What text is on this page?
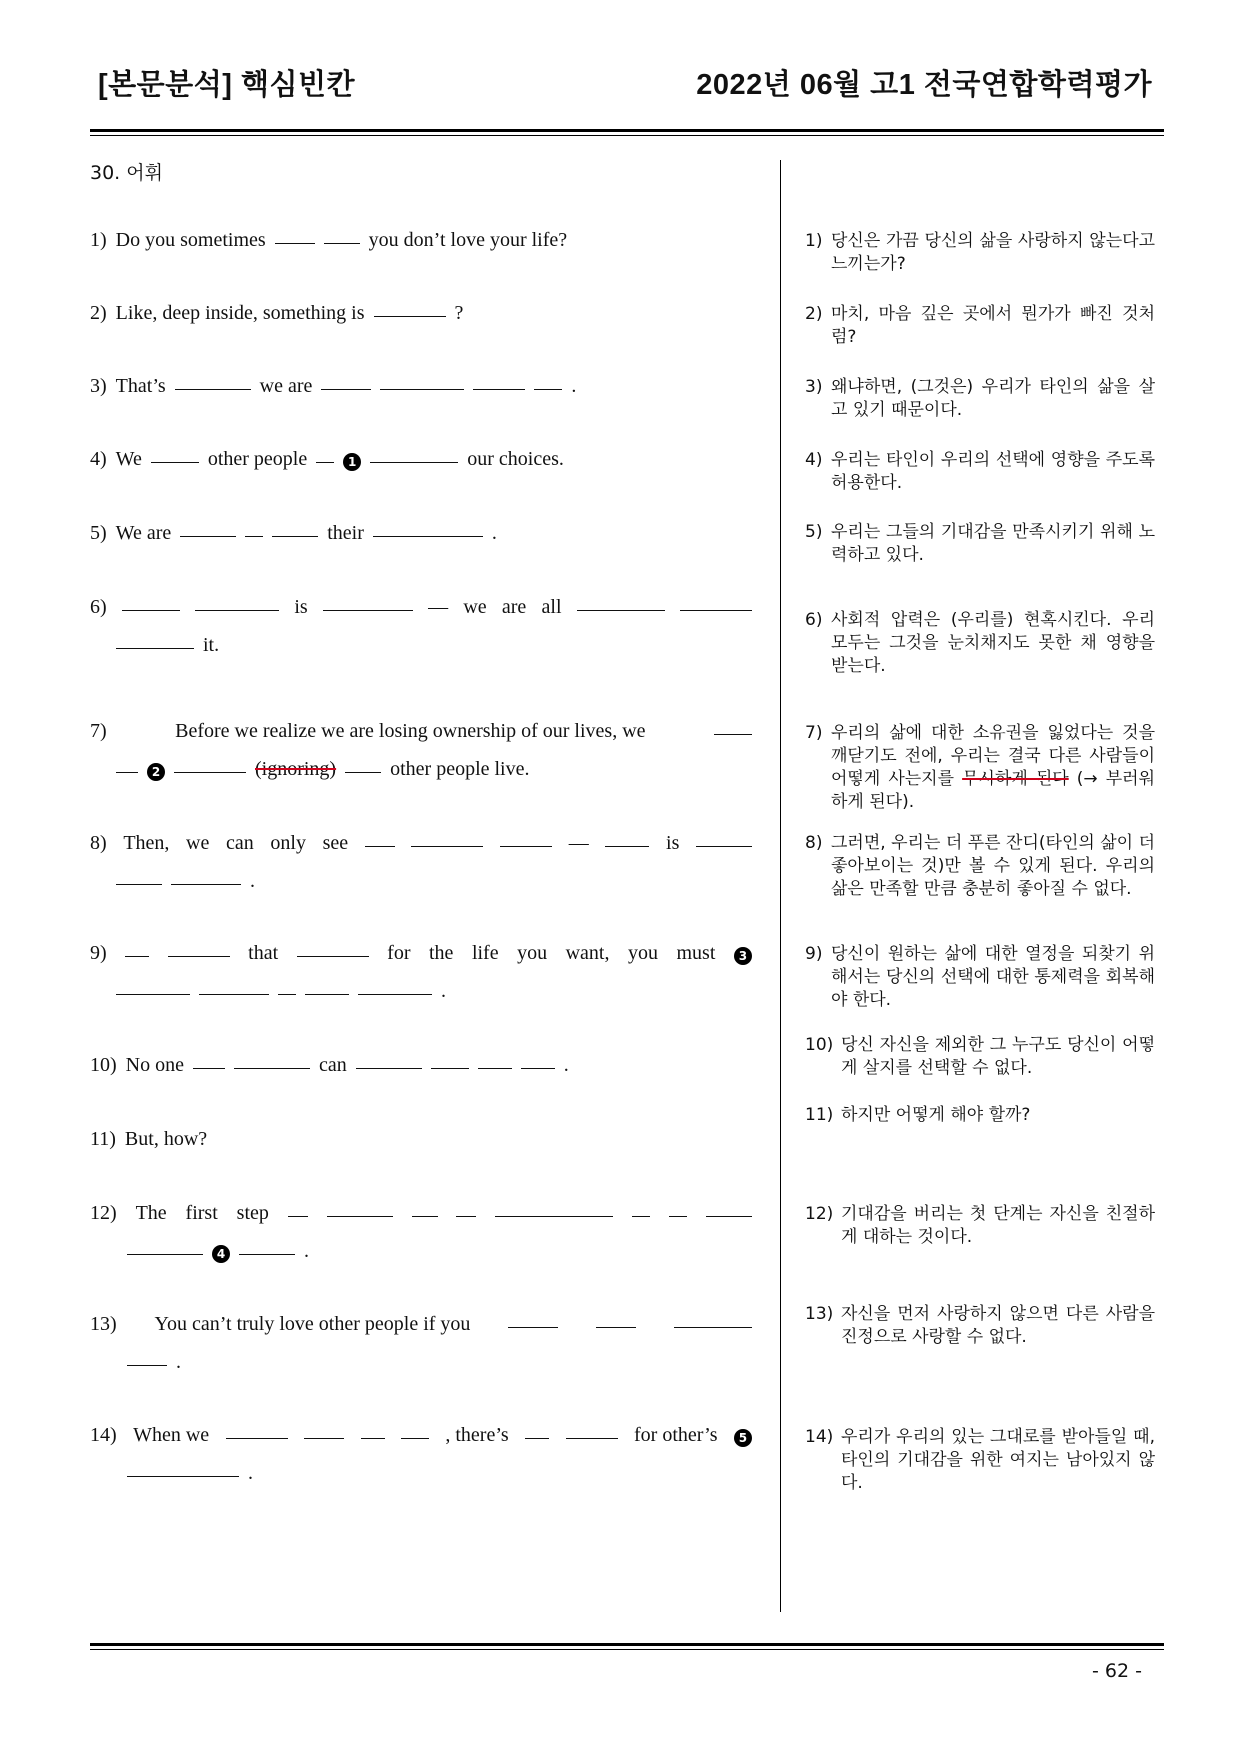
[본문분석] 핵심빈칸	2022년 06월 고1 전국연합학력평가
30. 어휘
1) Do you sometimes	you don’t love your life?
2) Like, deep inside, something is	?
3) That’s	we are	.
4) We	other people	1	our choices.
5) We are	their	.
6)	is	— we are all
it.
7)	Before we realize we are losing ownership of our lives, we
2	(ignoring)	other people live.
8) Then, we can only see	—	is
.
9)	that	for the life you want, you must	3
.
10) No one	can	.
11) But, how?
12) The first step
4	.
13) You can’t truly love other people if you
.
14) When we	, there’s	for other’s	5
.
1) 당신은 가끔 당신의 삶을 사랑하지 않는다고 느끼는가?
2) 마치, 마음 깊은 곳에서 뭔가가 빠진 것처럼?
3) 왜냐하면, (그것은) 우리가 타인의 삶을 살고 있기 때문이다.
4) 우리는 타인이 우리의 선택에 영향을 주도록 허용한다.
5) 우리는 그들의 기대감을 만족시키기 위해 노력하고 있다.
6) 사회적 압력은 (우리를) 현혹시킨다. 우리 모두는 그것을 눈치채지도 못한 채 영향을 받는다.
7) 우리의 삶에 대한 소유권을 잃었다는 것을 깨닫기도 전에, 우리는 결국 다른 사람들이 어떻게 사는지를 무시하게 된다 (→ 부러워하게 된다).
8) 그러면, 우리는 더 푸른 잔디(타인의 삶이 더 좋아보이는 것)만 볼 수 있게 된다. 우리의 삶은 만족할 만큼 충분히 좋아질 수 없다.
9) 당신이 원하는 삶에 대한 열정을 되찾기 위해서는 당신의 선택에 대한 통제력을 회복해야 한다.
10) 당신 자신을 제외한 그 누구도 당신이 어떻게 살지를 선택할 수 없다.
11) 하지만 어떻게 해야 할까?
12) 기대감을 버리는 첫 단계는 자신을 친절하게 대하는 것이다.
13) 자신을 먼저 사랑하지 않으면 다른 사람을 진정으로 사랑할 수 없다.
14) 우리가 우리의 있는 그대로를 받아들일 때, 타인의 기대감을 위한 여지는 남아있지 않다.
- 62 -
